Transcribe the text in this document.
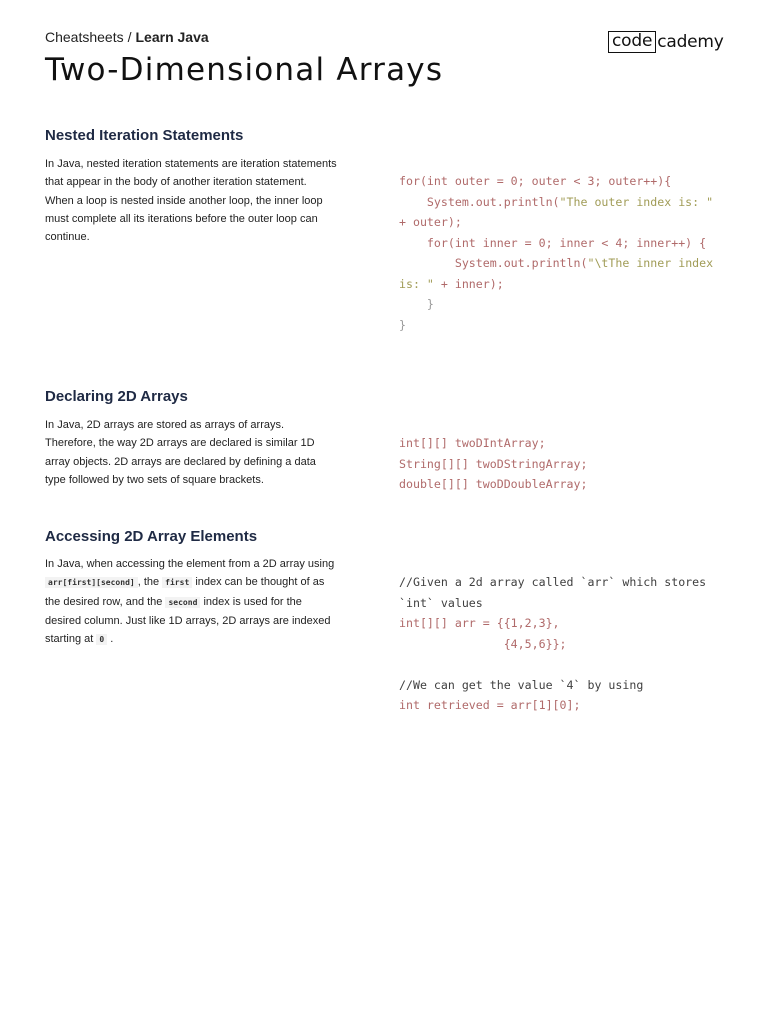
Cheatsheets / Learn Java	code cademy
Two-Dimensional Arrays
Nested Iteration Statements
In Java, nested iteration statements are iteration statements that appear in the body of another iteration statement. When a loop is nested inside another loop, the inner loop must complete all its iterations before the outer loop can continue.
for(int outer = 0; outer < 3; outer++){
System.out.println("The outer index is: " + outer);
for(int inner = 0; inner < 4; inner++) {
System.out.println("\tThe inner index is: " + inner);
}
}
Declaring 2D Arrays
In Java, 2D arrays are stored as arrays of arrays. Therefore, the way 2D arrays are declared is similar 1D array objects. 2D arrays are declared by defining a data type followed by two sets of square brackets.
int[][] twoDIntArray;
String[][] twoDStringArray;
double[][] twoDDoubleArray;
Accessing 2D Array Elements
In Java, when accessing the element from a 2D array using arr[first][second] , the first index can be thought of as the desired row, and the second index is used for the desired column. Just like 1D arrays, 2D arrays are indexed starting at 0 .
//Given a 2d array called `arr` which stores `int` values
int[][] arr = {{1,2,3},
{4,5,6}};

//We can get the value `4` by using
int retrieved = arr[1][0];
